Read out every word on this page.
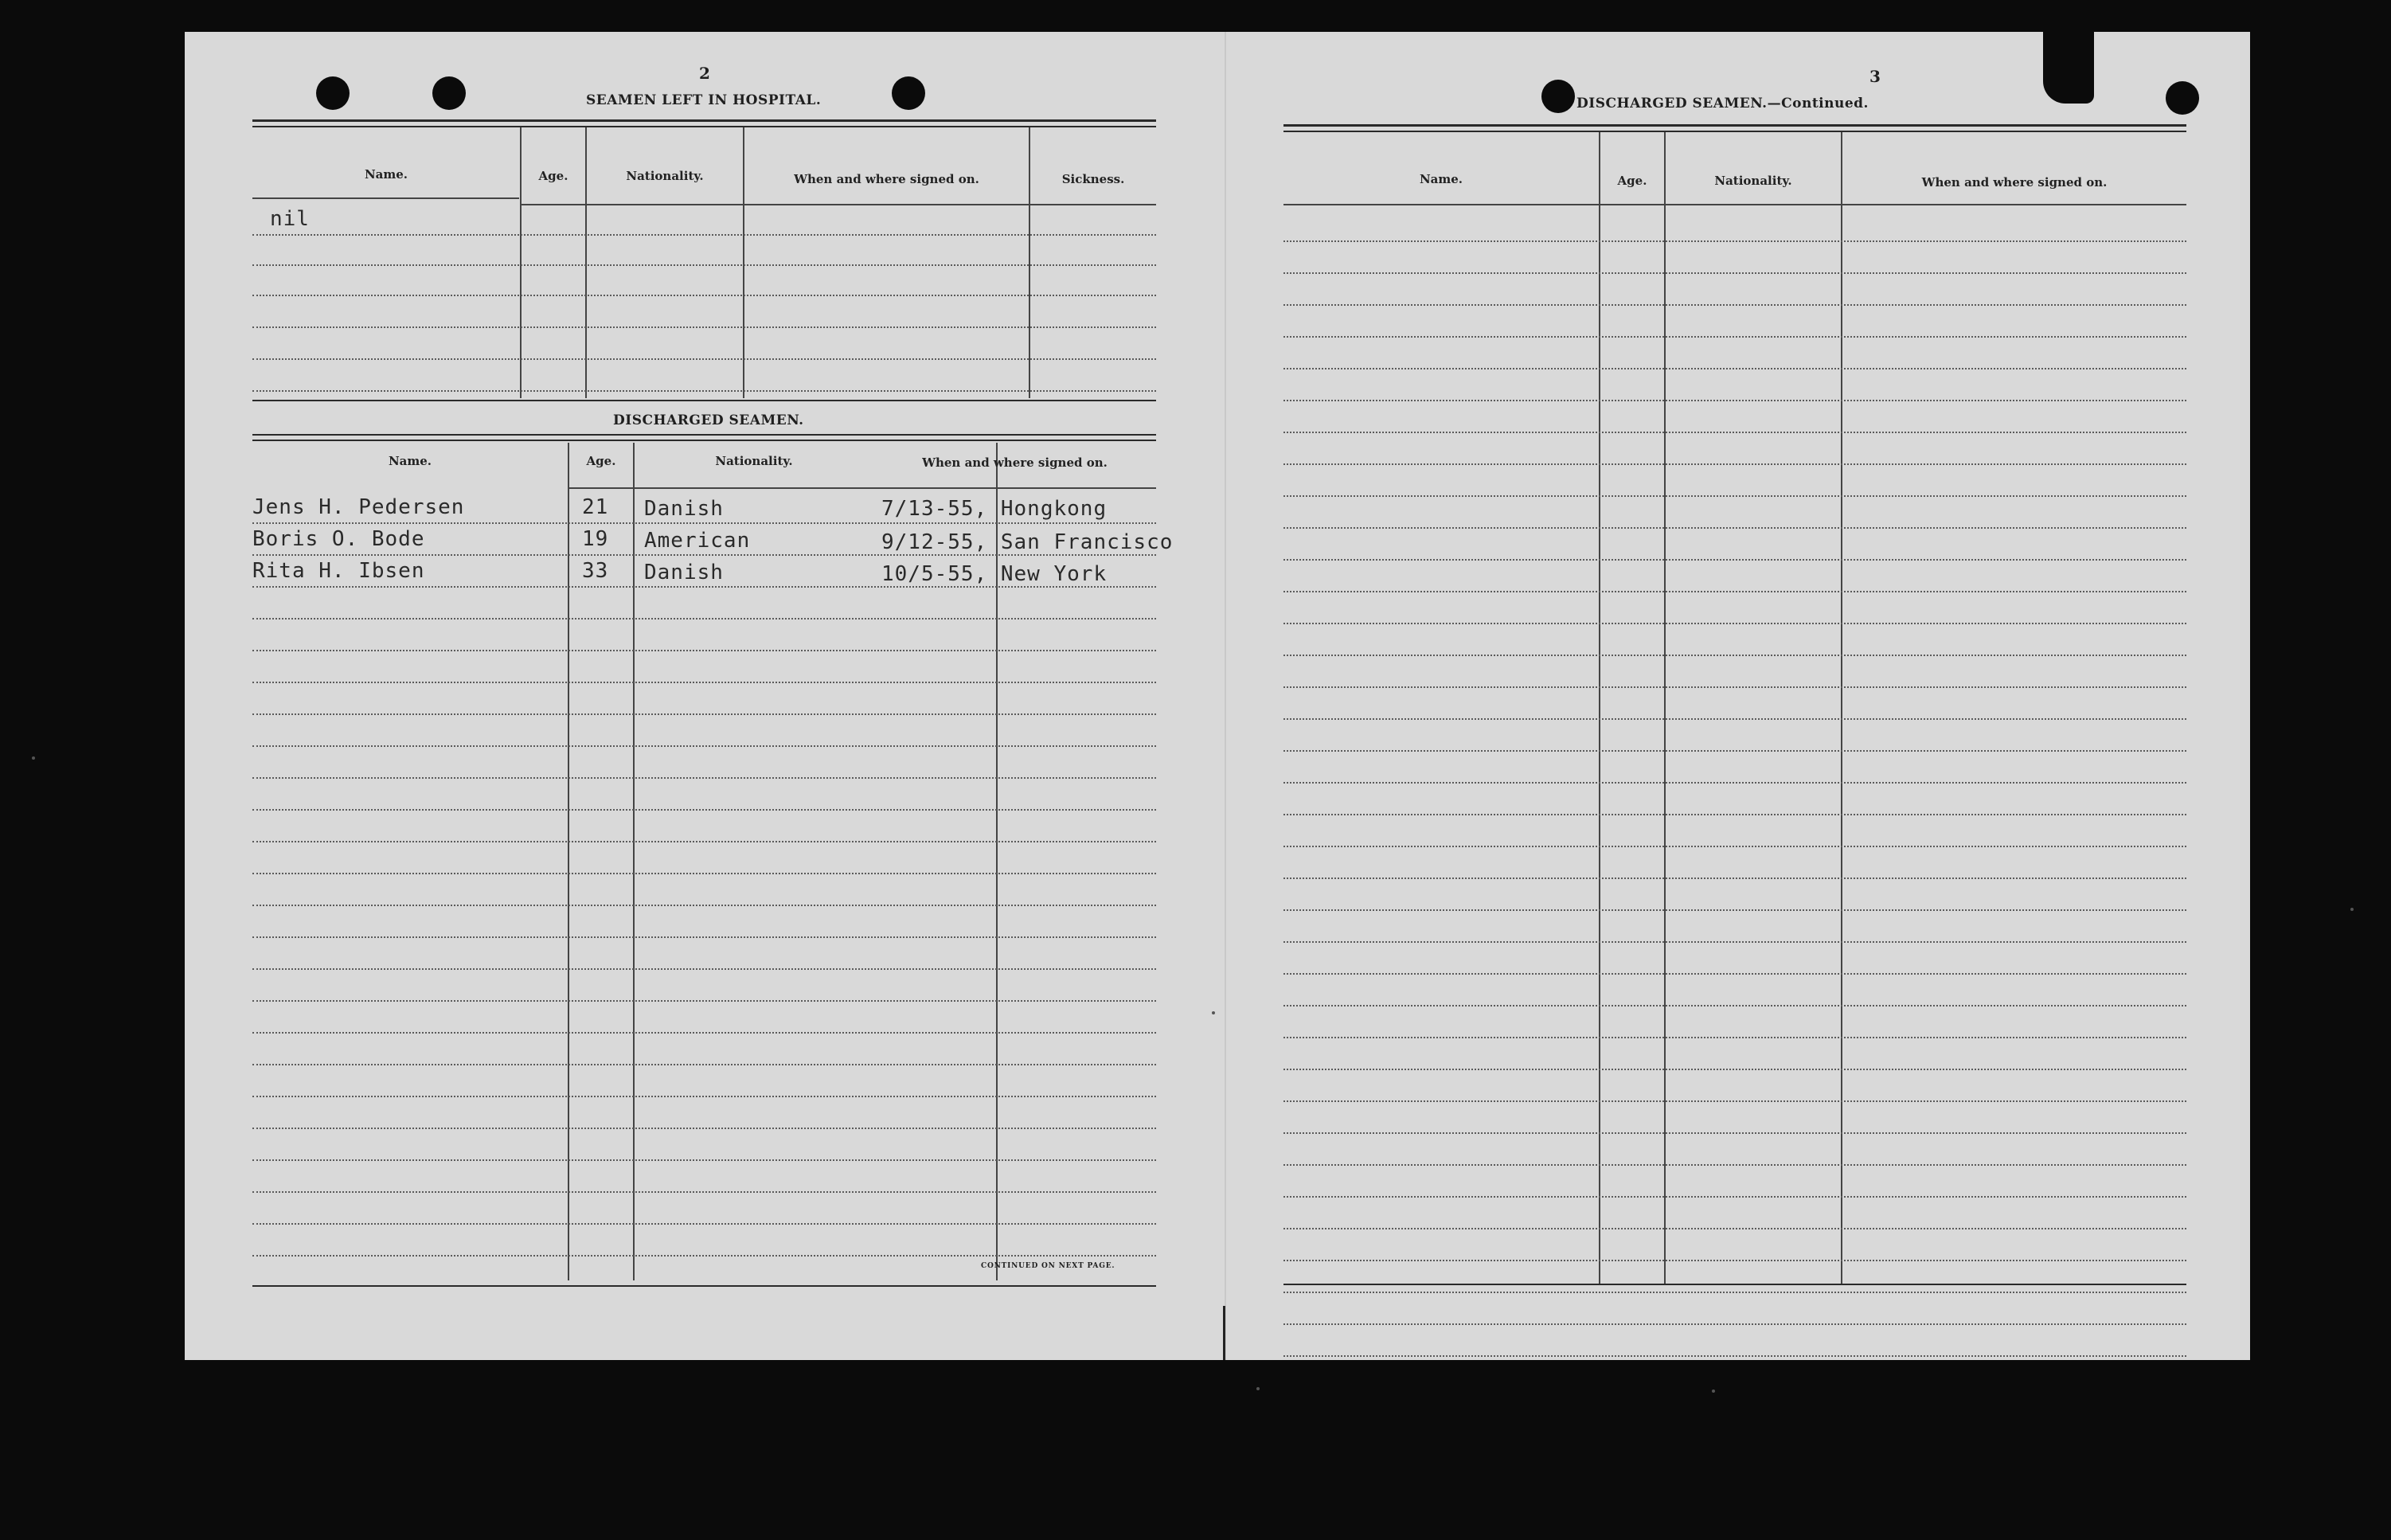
2
SEAMEN LEFT IN HOSPITAL.
Name.	Age.	Nationality.	When and where signed on.	Sickness.
nil
DISCHARGED SEAMEN.
Name.	Age.	Nationality.	When and where signed on.
Jens H. Pedersen	21 Danish	7/13-55, Hongkong
Boris O. Bode	19 American	9/12-55, San Francisco
Rita H. Ibsen	33 Danish	10/5-55, New York
CONTINUED ON NEXT PAGE.
3
DISCHARGED SEAMEN.—Continued.
Name.	Age.	Nationality.	When and where signed on.
